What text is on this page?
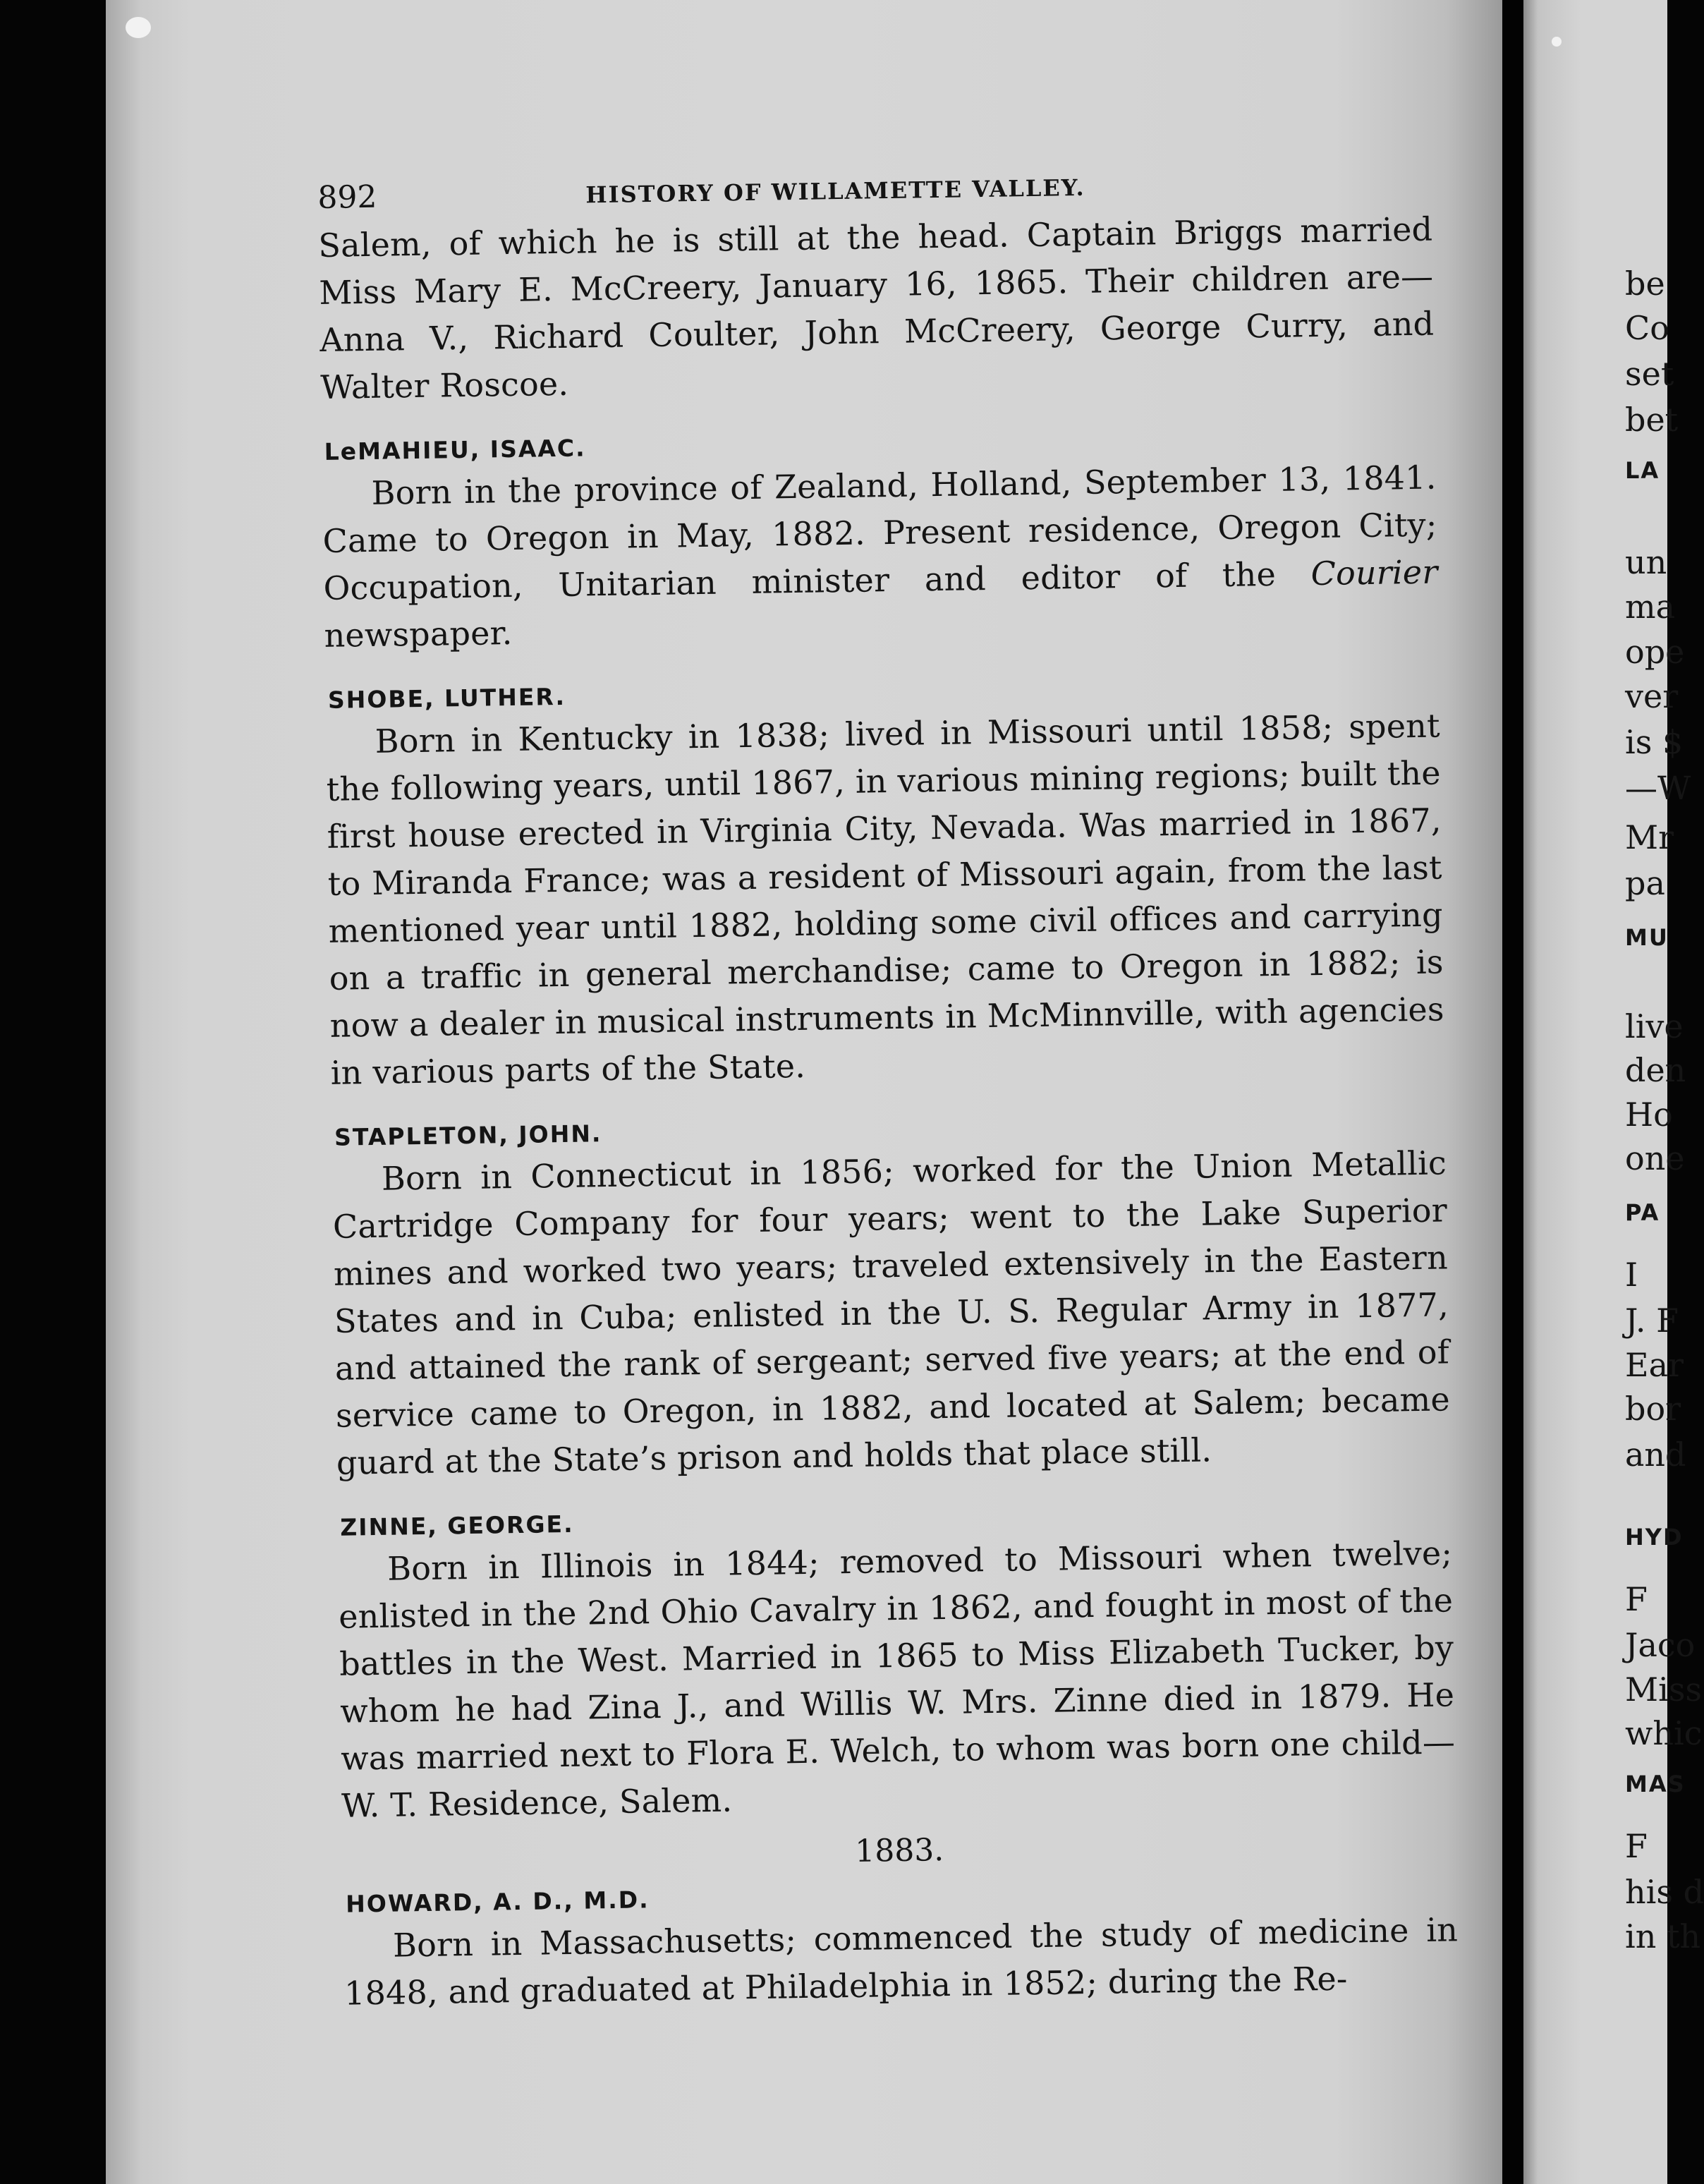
892	HISTORY OF WILLAMETTE VALLEY.

Salem, of which he is still at the head. Captain Briggs married Miss Mary E. McCreery, January 16, 1865. Their children are—Anna V., Richard Coulter, John McCreery, George Curry, and Walter Roscoe.

LeMAHIEU, ISAAC.

Born in the province of Zealand, Holland, September 13, 1841. Came to Oregon in May, 1882. Present residence, Oregon City; Occupation, Unitarian minister and editor of the Courier newspaper.

SHOBE, LUTHER.

Born in Kentucky in 1838; lived in Missouri until 1858; spent the following years, until 1867, in various mining regions; built the first house erected in Virginia City, Nevada. Was married in 1867, to Miranda France; was a resident of Missouri again, from the last mentioned year until 1882, holding some civil offices and carrying on a traffic in general merchandise; came to Oregon in 1882; is now a dealer in musical instruments in McMinnville, with agencies in various parts of the State.

STAPLETON, JOHN.

Born in Connecticut in 1856; worked for the Union Metallic Cartridge Company for four years; went to the Lake Superior mines and worked two years; traveled extensively in the Eastern States and in Cuba; enlisted in the U. S. Regular Army in 1877, and attained the rank of sergeant; served five years; at the end of service came to Oregon, in 1882, and located at Salem; became guard at the State’s prison and holds that place still.

ZINNE, GEORGE.

Born in Illinois in 1844; removed to Missouri when twelve; enlisted in the 2nd Ohio Cavalry in 1862, and fought in most of the battles in the West. Married in 1865 to Miss Elizabeth Tucker, by whom he had Zina J., and Willis W. Mrs. Zinne died in 1879. He was married next to Flora E. Welch, to whom was born one child—W. T. Residence, Salem.

1883.
HOWARD, A. D., M.D.

Born in Massachusetts; commenced the study of medicine in 1848, and graduated at Philadelphia in 1852; during the Re-

be
Co
set
bet
LA
un
ma
ope
ver
is $
—W
Mr
pa
MU
live
den
Ho
one
PA
I
J. F
Ear
bor
and
HYD
F
Jaco
Miss
whic
MAS
F
his d
in th
